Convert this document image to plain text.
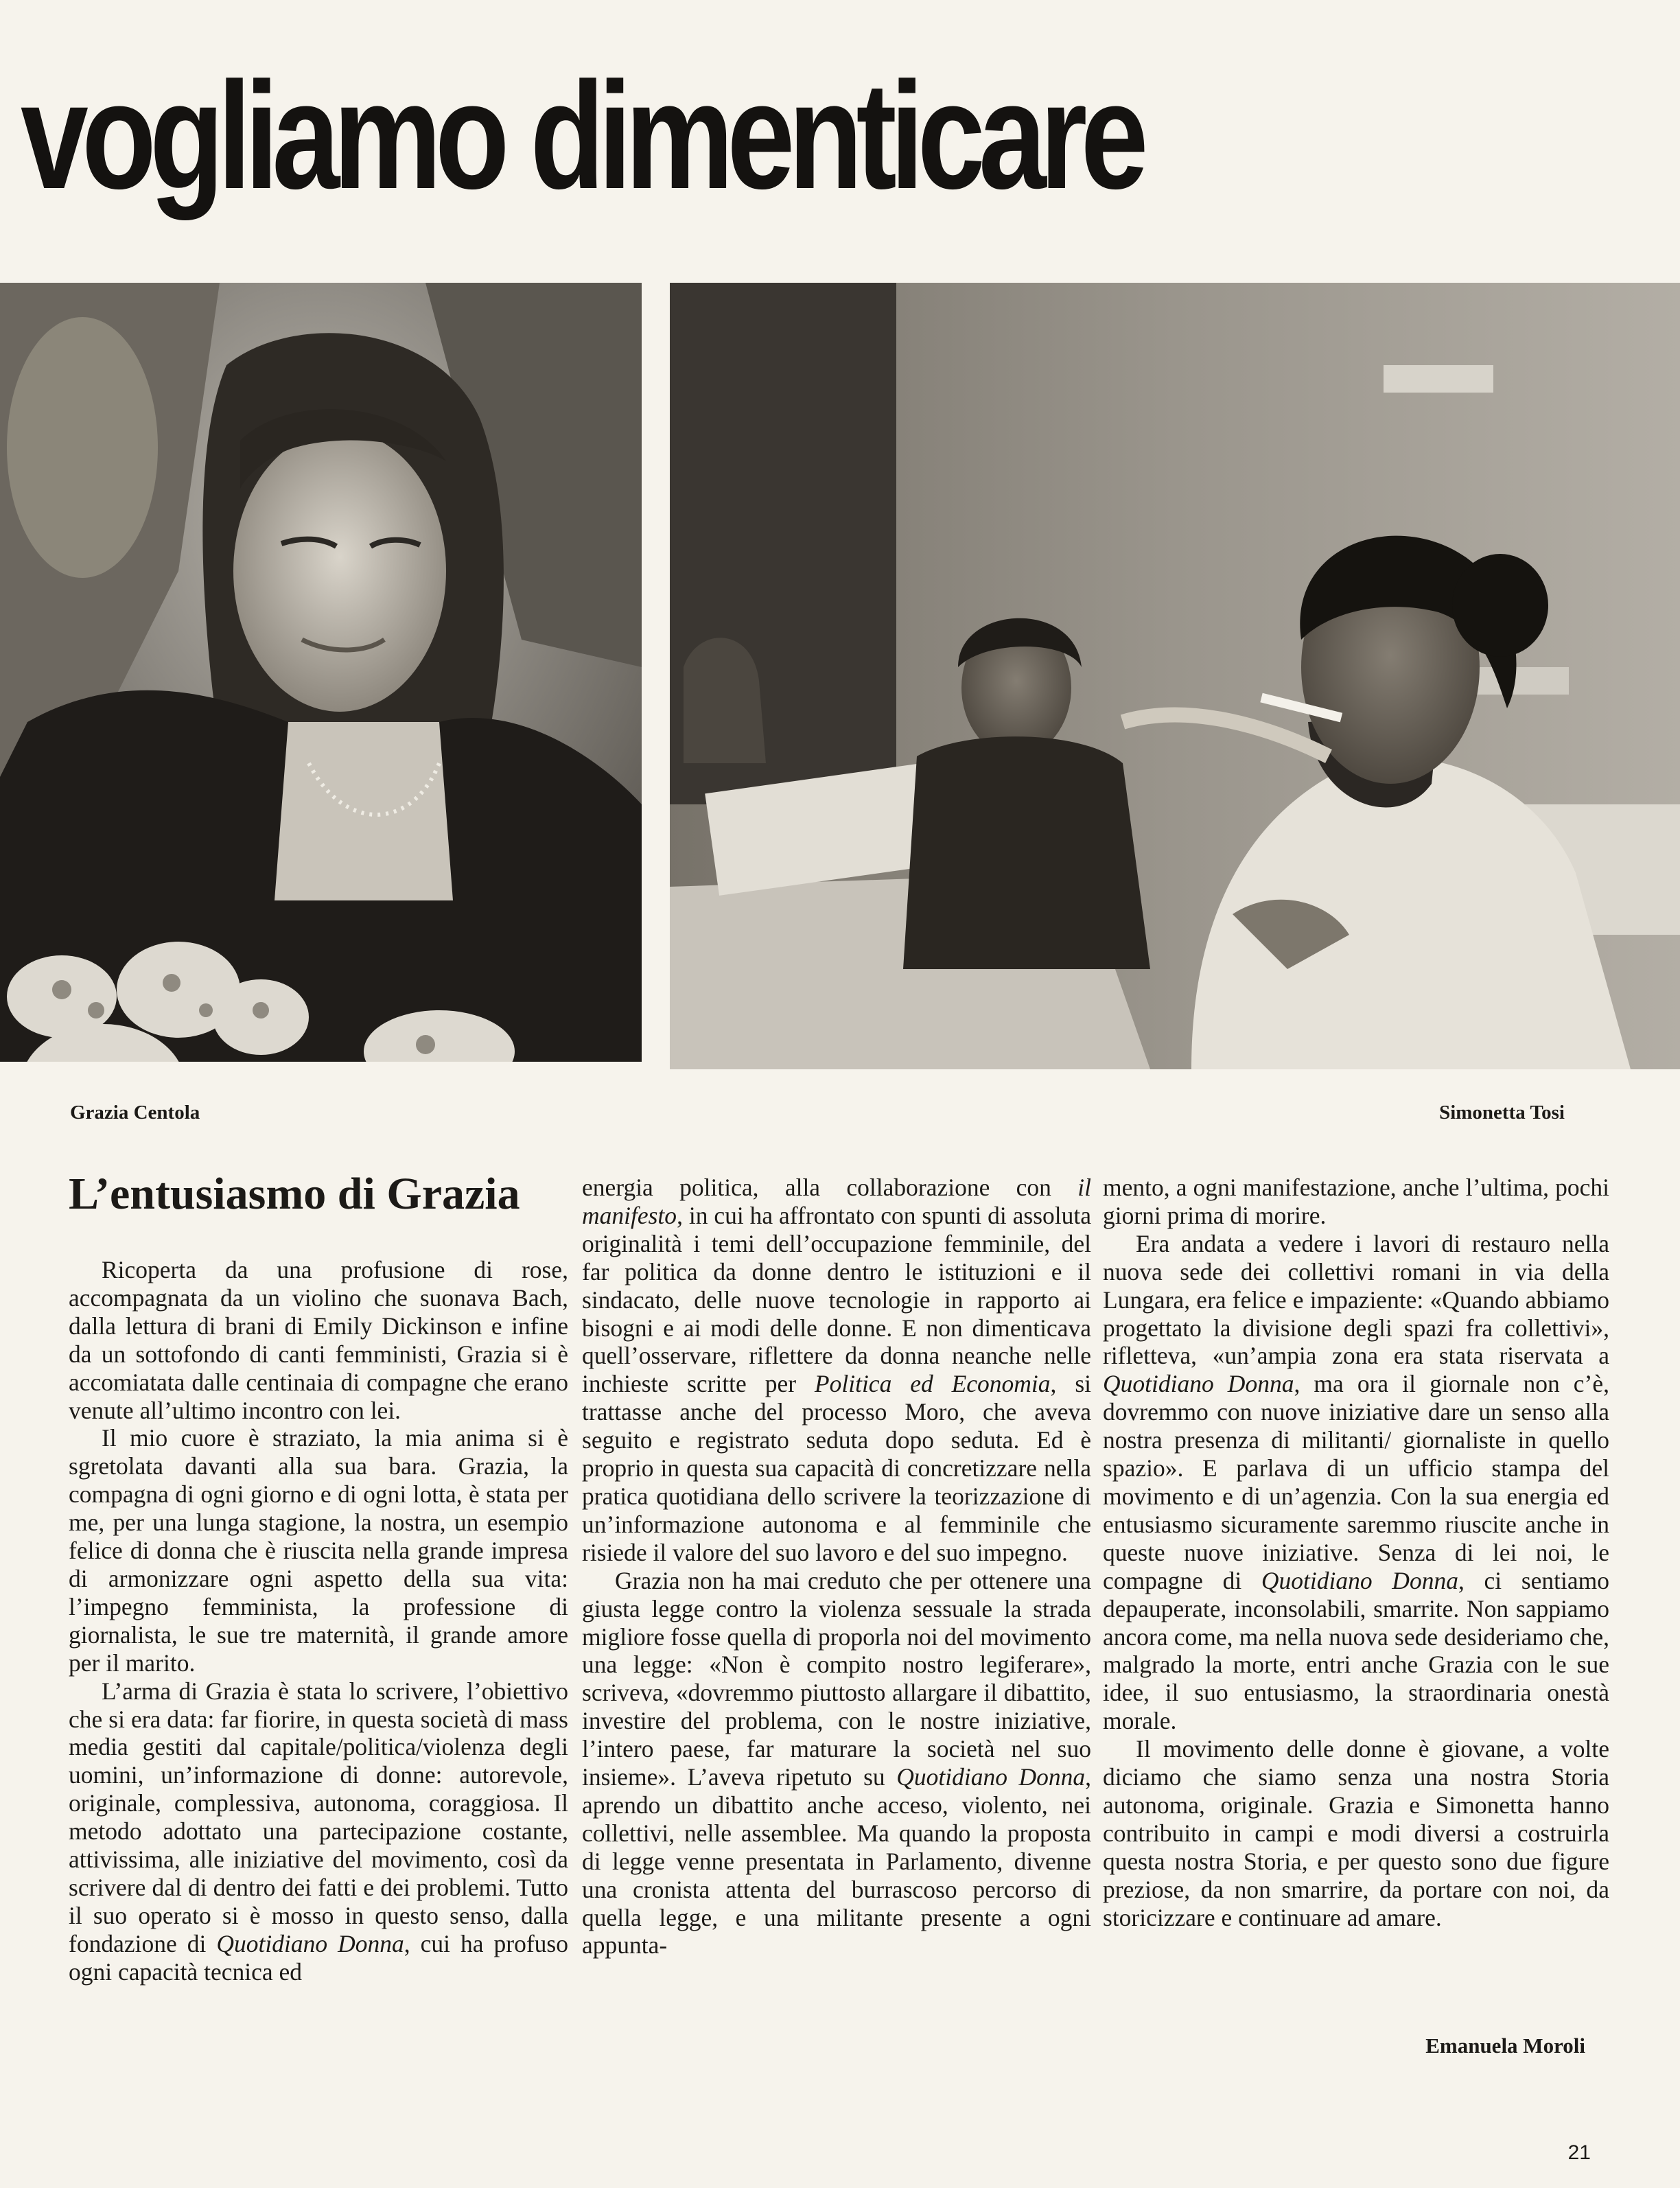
vogliamo dimenticare
Grazia Centola	Simonetta Tosi
L’entusiasmo di Grazia

Ricoperta da una profusione di rose, accompagnata da un violino che suonava Bach, dalla lettura di brani di Emily Dickinson e infine da un sottofondo di canti femministi, Grazia si è accomiatata dalle centinaia di compagne che erano venute all’ultimo incontro con lei.

Il mio cuore è straziato, la mia anima si è sgretolata davanti alla sua bara. Grazia, la compagna di ogni giorno e di ogni lotta, è stata per me, per una lunga stagione, la nostra, un esempio felice di donna che è riuscita nella grande impresa di armonizzare ogni aspetto della sua vita: l’impegno femminista, la professione di giornalista, le sue tre maternità, il grande amore per il marito.

L’arma di Grazia è stata lo scrivere, l’obiettivo che si era data: far fiorire, in questa società di mass media gestiti dal capitale/politica/violenza degli uomini, un’informazione di donne: autorevole, originale, complessiva, autonoma, coraggiosa. Il metodo adottato una partecipazione costante, attivissima, alle iniziative del movimento, così da scrivere dal di dentro dei fatti e dei problemi. Tutto il suo operato si è mosso in questo senso, dalla fondazione di Quotidiano Donna, cui ha profuso ogni capacità tecnica ed

energia politica, alla collaborazione con il manifesto, in cui ha affrontato con spunti di assoluta originalità i temi dell’occupazione femminile, del far politica da donne dentro le istituzioni e il sindacato, delle nuove tecnologie in rapporto ai bisogni e ai modi delle donne. E non dimenticava quell’osservare, riflettere da donna neanche nelle inchieste scritte per Politica ed Economia, si trattasse anche del processo Moro, che aveva seguito e registrato seduta dopo seduta. Ed è proprio in questa sua capacità di concretizzare nella pratica quotidiana dello scrivere la teorizzazione di un’informazione autonoma e al femminile che risiede il valore del suo lavoro e del suo impegno.

Grazia non ha mai creduto che per ottenere una giusta legge contro la violenza sessuale la strada migliore fosse quella di proporla noi del movimento una legge: «Non è compito nostro legiferare», scriveva, «dovremmo piuttosto allargare il dibattito, investire del problema, con le nostre iniziative, l’intero paese, far maturare la società nel suo insieme». L’aveva ripetuto su Quotidiano Donna, aprendo un dibattito anche acceso, violento, nei collettivi, nelle assemblee. Ma quando la proposta di legge venne presentata in Parlamento, divenne una cronista attenta del burrascoso percorso di quella legge, e una militante presente a ogni appunta-

mento, a ogni manifestazione, anche l’ultima, pochi giorni prima di morire.

Era andata a vedere i lavori di restauro nella nuova sede dei collettivi romani in via della Lungara, era felice e impaziente: «Quando abbiamo progettato la divisione degli spazi fra collettivi», rifletteva, «un’ampia zona era stata riservata a Quotidiano Donna, ma ora il giornale non c’è, dovremmo con nuove iniziative dare un senso alla nostra presenza di militanti/ giornaliste in quello spazio». E parlava di un ufficio stampa del movimento e di un’agenzia. Con la sua energia ed entusiasmo sicuramente saremmo riuscite anche in queste nuove iniziative. Senza di lei noi, le compagne di Quotidiano Donna, ci sentiamo depauperate, inconsolabili, smarrite. Non sappiamo ancora come, ma nella nuova sede desideriamo che, malgrado la morte, entri anche Grazia con le sue idee, il suo entusiasmo, la straordinaria onestà morale.

Il movimento delle donne è giovane, a volte diciamo che siamo senza una nostra Storia autonoma, originale. Grazia e Simonetta hanno contribuito in campi e modi diversi a costruirla questa nostra Storia, e per questo sono due figure preziose, da non smarrire, da portare con noi, da storicizzare e continuare ad amare.

Emanuela Moroli
21
